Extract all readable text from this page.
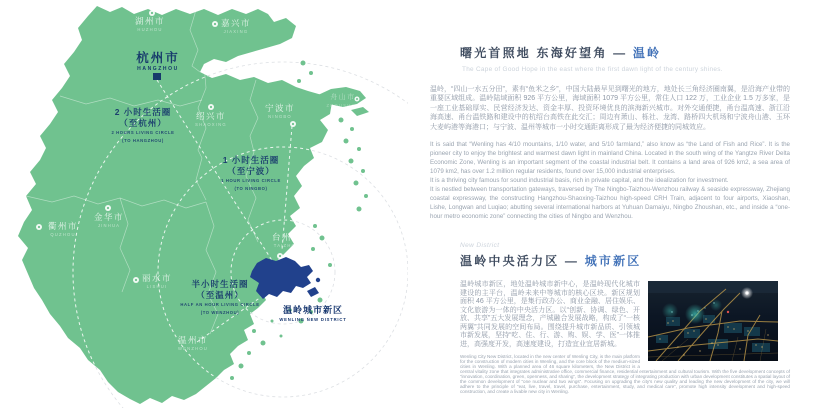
湖州市
HUZHOU
嘉兴市
JIAXING
杭州市
HANGZHOU
绍兴市
SHAOXING
宁波市
NINGBO
舟山市
ZHOUSHAN
衢州市
QUZHOU
金华市
JINHUA
丽水市
LISHUI
台州市
TAIZHOU
温州市
WENZHOU
2 小时生活圈
（至杭州）
2 HOURS LIVING CIRCLE
(TO HANGZHOU)
1 小时生活圈
（至宁波）
1 HOUR LIVING CIRCLE
(TO NINGBO)
半小时生活圈
（至温州）
HALF AN HOUR LIVING CIRCLE
(TO WENZHOU)	温岭城市新区
WENLING NEW DISTRICT
曙光首照地 东海好望角 — 温岭
The Cape of Good Hope in the east where the first dawn light of the century shines.

温岭，“四山一水五分田”，素有“鱼米之乡”，中国大陆最早见到曙光的地方，地处长三角经济圈南翼，是沿海产业带的重要区域组成。温岭陆域面积 926 平方公里，海域面积 1079 平方公里，常住人口 122 万，工业企业 1.5 万多家，是一座工业基础厚实、民营经济发达、资金丰厚、投资环境优良的滨海新兴城市。对外交通便捷，甬台温高速、浙江沿海高速、甬台温铁路和建设中的杭绍台高铁在此交汇；周边有萧山、栎社、龙湾、路桥四大机场和宁波舟山港、玉环大麦屿港等海港口；与宁波、温州等城市一小时交通距离形成了最为经济便捷的同城效应。

It is said that “Wenling has 4/10 mountains, 1/10 water, and 5/10 farmland,” also know as “the Land of Fish and Rice”. It is the pioneer city to enjoy the brightest and warmest dawn light in mainland China. Located in the south wing of the Yangtze River Delta Economic Zone, Wenling is an important segment of the coastal industrial belt. It contains a land area of 926 km2, a sea area of 1079 km2, has over 1.2 million regular residents, found over 15,000 industrial enterprises.

It is a thriving city famous for sound industrial basis, rich in private capital, and the idealization for investment.

It is nestled between transportation gateways, traversed by The Ningbo-Taizhou-Wenzhou railway & seaside expressway, Zhejiang coastal expressway, the constructing Hangzhou-Shaoxing-Taizhou high-speed CRH Train, adjacent to four airports, Xiaoshan, Lishe, Longwan and Luqiao; abutting several international harbors at Yuhuan Damaiyu, Ningbo Zhoushan, etc., and inside a “one-hour metro economic zone” connecting the cities of Ningbo and Wenzhou.

New District
温岭中央活力区 — 城市新区

温岭城市新区，地处温岭城市新中心，是温岭现代化城市建设的主平台，温岭未来中等城市的核心区块。新区规划面积 46 平方公里，是集行政办公、商业金融、居住娱乐、文化旅游为一体的中央活力区。以“创新、协调、绿色、开放、共享”五大发展理念，产城融合发展战略，构成了“一核两翼”共同发展的空间布局。围绕提升城市新品质、引领城市新发展，坚持“吃、住、行、游、购、娱、学、医”一体推进，高强度开发，高速度建设，打造宜业宜居新城。

Wenling City New District, located in the new center of Wenling City, is the main platform for the construction of modern cities in Wenling, and the core block of the medium-sized cities in Wenling. With a planned area of 46 square kilometers, the New District is a central vitality zone that integrates administrative office, commercial finance, residential entertainment and cultural tourism. With the five development concepts of “innovation, coordination, green, openness, and sharing”, the development strategy of integrating production with urban development constitutes a spatial layout of the common development of “one nuclear and two wings”. Focusing on upgrading the city's new quality and leading the new development of the city, we will adhere to the principle of “eat, live, travel, travel, purchase, entertainment, study, and medical care”, promote high intensity development and high-speed construction, and create a livable new city in Wenling.
